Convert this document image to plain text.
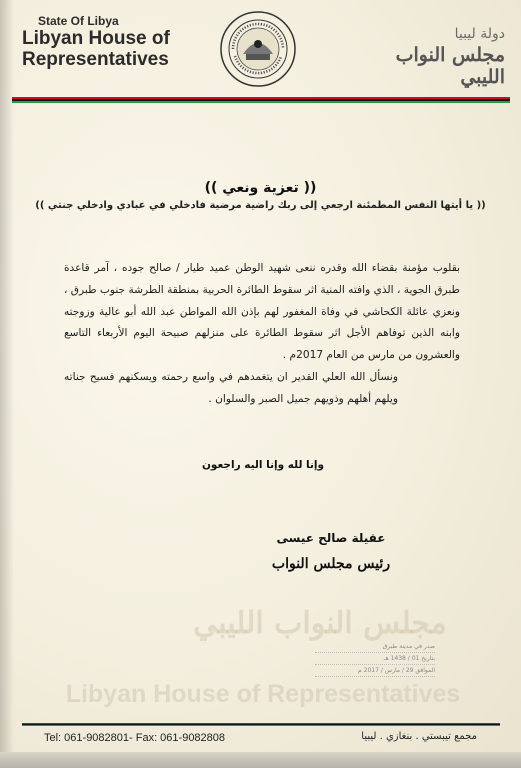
State Of Libya
Libyan House of
Representatives
دولة ليبيا
مجلس النواب الليبي
(( تعزية ونعي ))
(( يا أيتها النفس المطمئنة ارجعي إلى ربك راضية مرضية فادخلي في عبادي وادخلي جنتي ))

بقلوب مؤمنة بقضاء الله وقدره ننعى شهيد الوطن عميد طيار / صالح جوده ، آمر قاعدة طبرق الجوية ، الذي وافته المنية اثر سقوط الطائرة الحربية بمنطقة الطرشة جنوب طبرق ، ونعزي عائلة الكحاشي في وفاة المغفور لهم بإذن الله المواطن عبد الله أبو عالية وزوجته وابنه الذين توفاهم الأجل اثر سقوط الطائرة على منزلهم صبيحة اليوم الأربعاء التاسع والعشرون من مارس من العام 2017م .

ونسأل الله العلي القدير ان يتغمدهم في واسع رحمته ويسكنهم فسيح جناته ويلهم أهلهم وذويهم جميل الصبر والسلوان .

وإنا لله وإنا اليه راجعون
عقيلة صالح عيسى
رئيس مجلس النواب
مجلس النواب الليبي
صدر في مدينة طبرق
بتاريخ 01 / 1438 هـ
الموافق 29 / مارس / 2017 م
Libyan House of Representatives
Tel: 061-9082801- Fax: 061-9082808	مجمع تيبستي . بنغازي . ليبيا
